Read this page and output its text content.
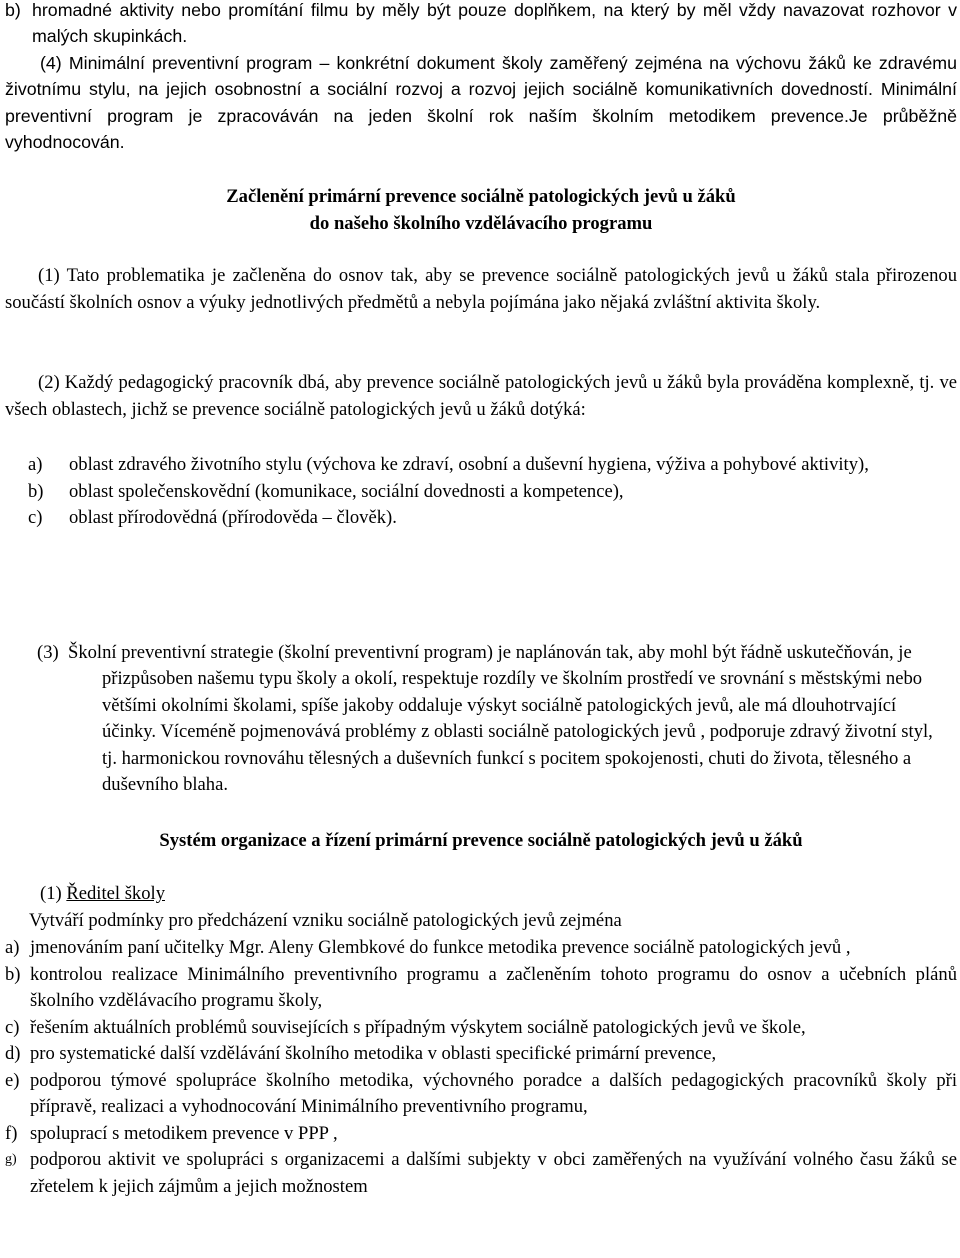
b) hromadné aktivity nebo promítání filmu by měly být pouze doplňkem, na který by měl vždy navazovat rozhovor v malých skupinkách.
(4) Minimální preventivní program – konkrétní dokument školy zaměřený zejména na výchovu žáků ke zdravému životnímu stylu, na jejich osobnostní a sociální rozvoj a rozvoj jejich sociálně komunikativních dovedností. Minimální preventivní program je zpracováván na jeden školní rok naším školním metodikem prevence.Je průběžně vyhodnocován.
Začlenění primární prevence sociálně patologických jevů u žáků
do našeho školního vzdělávacího programu
(1) Tato problematika je začleněna do osnov tak, aby se prevence sociálně patologických jevů u žáků stala přirozenou součástí školních osnov a výuky jednotlivých předmětů a nebyla pojímána jako nějaká zvláštní aktivita školy.
(2) Každý pedagogický pracovník dbá, aby prevence sociálně patologických jevů u žáků byla prováděna komplexně, tj. ve všech oblastech, jichž se prevence sociálně patologických jevů u žáků dotýká:
a)	oblast zdravého životního stylu (výchova ke zdraví, osobní a duševní hygiena, výživa a pohybové aktivity),
b)	oblast společenskovědní (komunikace, sociální dovednosti a kompetence),
c)	oblast přírodovědná (přírodověda – člověk).
(3) Školní preventivní strategie (školní preventivní program) je naplánován tak, aby mohl být řádně uskutečňován, je přizpůsoben našemu typu školy a okolí, respektuje rozdíly ve školním prostředí ve srovnání s městskými nebo většími okolními školami, spíše jakoby oddaluje výskyt sociálně patologických jevů, ale má dlouhotrvající účinky. Víceméně pojmenovává problémy z oblasti sociálně patologických jevů , podporuje zdravý životní styl, tj. harmonickou rovnováhu tělesných a duševních funkcí s pocitem spokojenosti, chuti do života, tělesného a duševního blaha.
Systém organizace a řízení primární prevence sociálně patologických jevů u žáků
(1) Ředitel školy
Vytváří podmínky pro předcházení vzniku sociálně patologických jevů zejména
a) jmenováním paní učitelky Mgr. Aleny Glembkové do funkce metodika prevence sociálně patologických jevů ,
b) kontrolou realizace Minimálního preventivního programu a začleněním tohoto programu do osnov a učebních plánů školního vzdělávacího programu školy,
c) řešením aktuálních problémů souvisejících s případným výskytem sociálně patologických jevů ve škole,
d) pro systematické další vzdělávání školního metodika v oblasti specifické primární prevence,
e) podporou týmové spolupráce školního metodika, výchovného poradce a dalších pedagogických pracovníků školy při přípravě, realizaci a vyhodnocování Minimálního preventivního programu,
f) spoluprací s metodikem prevence v PPP ,
g) podporou aktivit ve spolupráci s organizacemi a dalšími subjekty v obci zaměřených na využívání volného času žáků se zřetelem k jejich zájmům a jejich možnostem
